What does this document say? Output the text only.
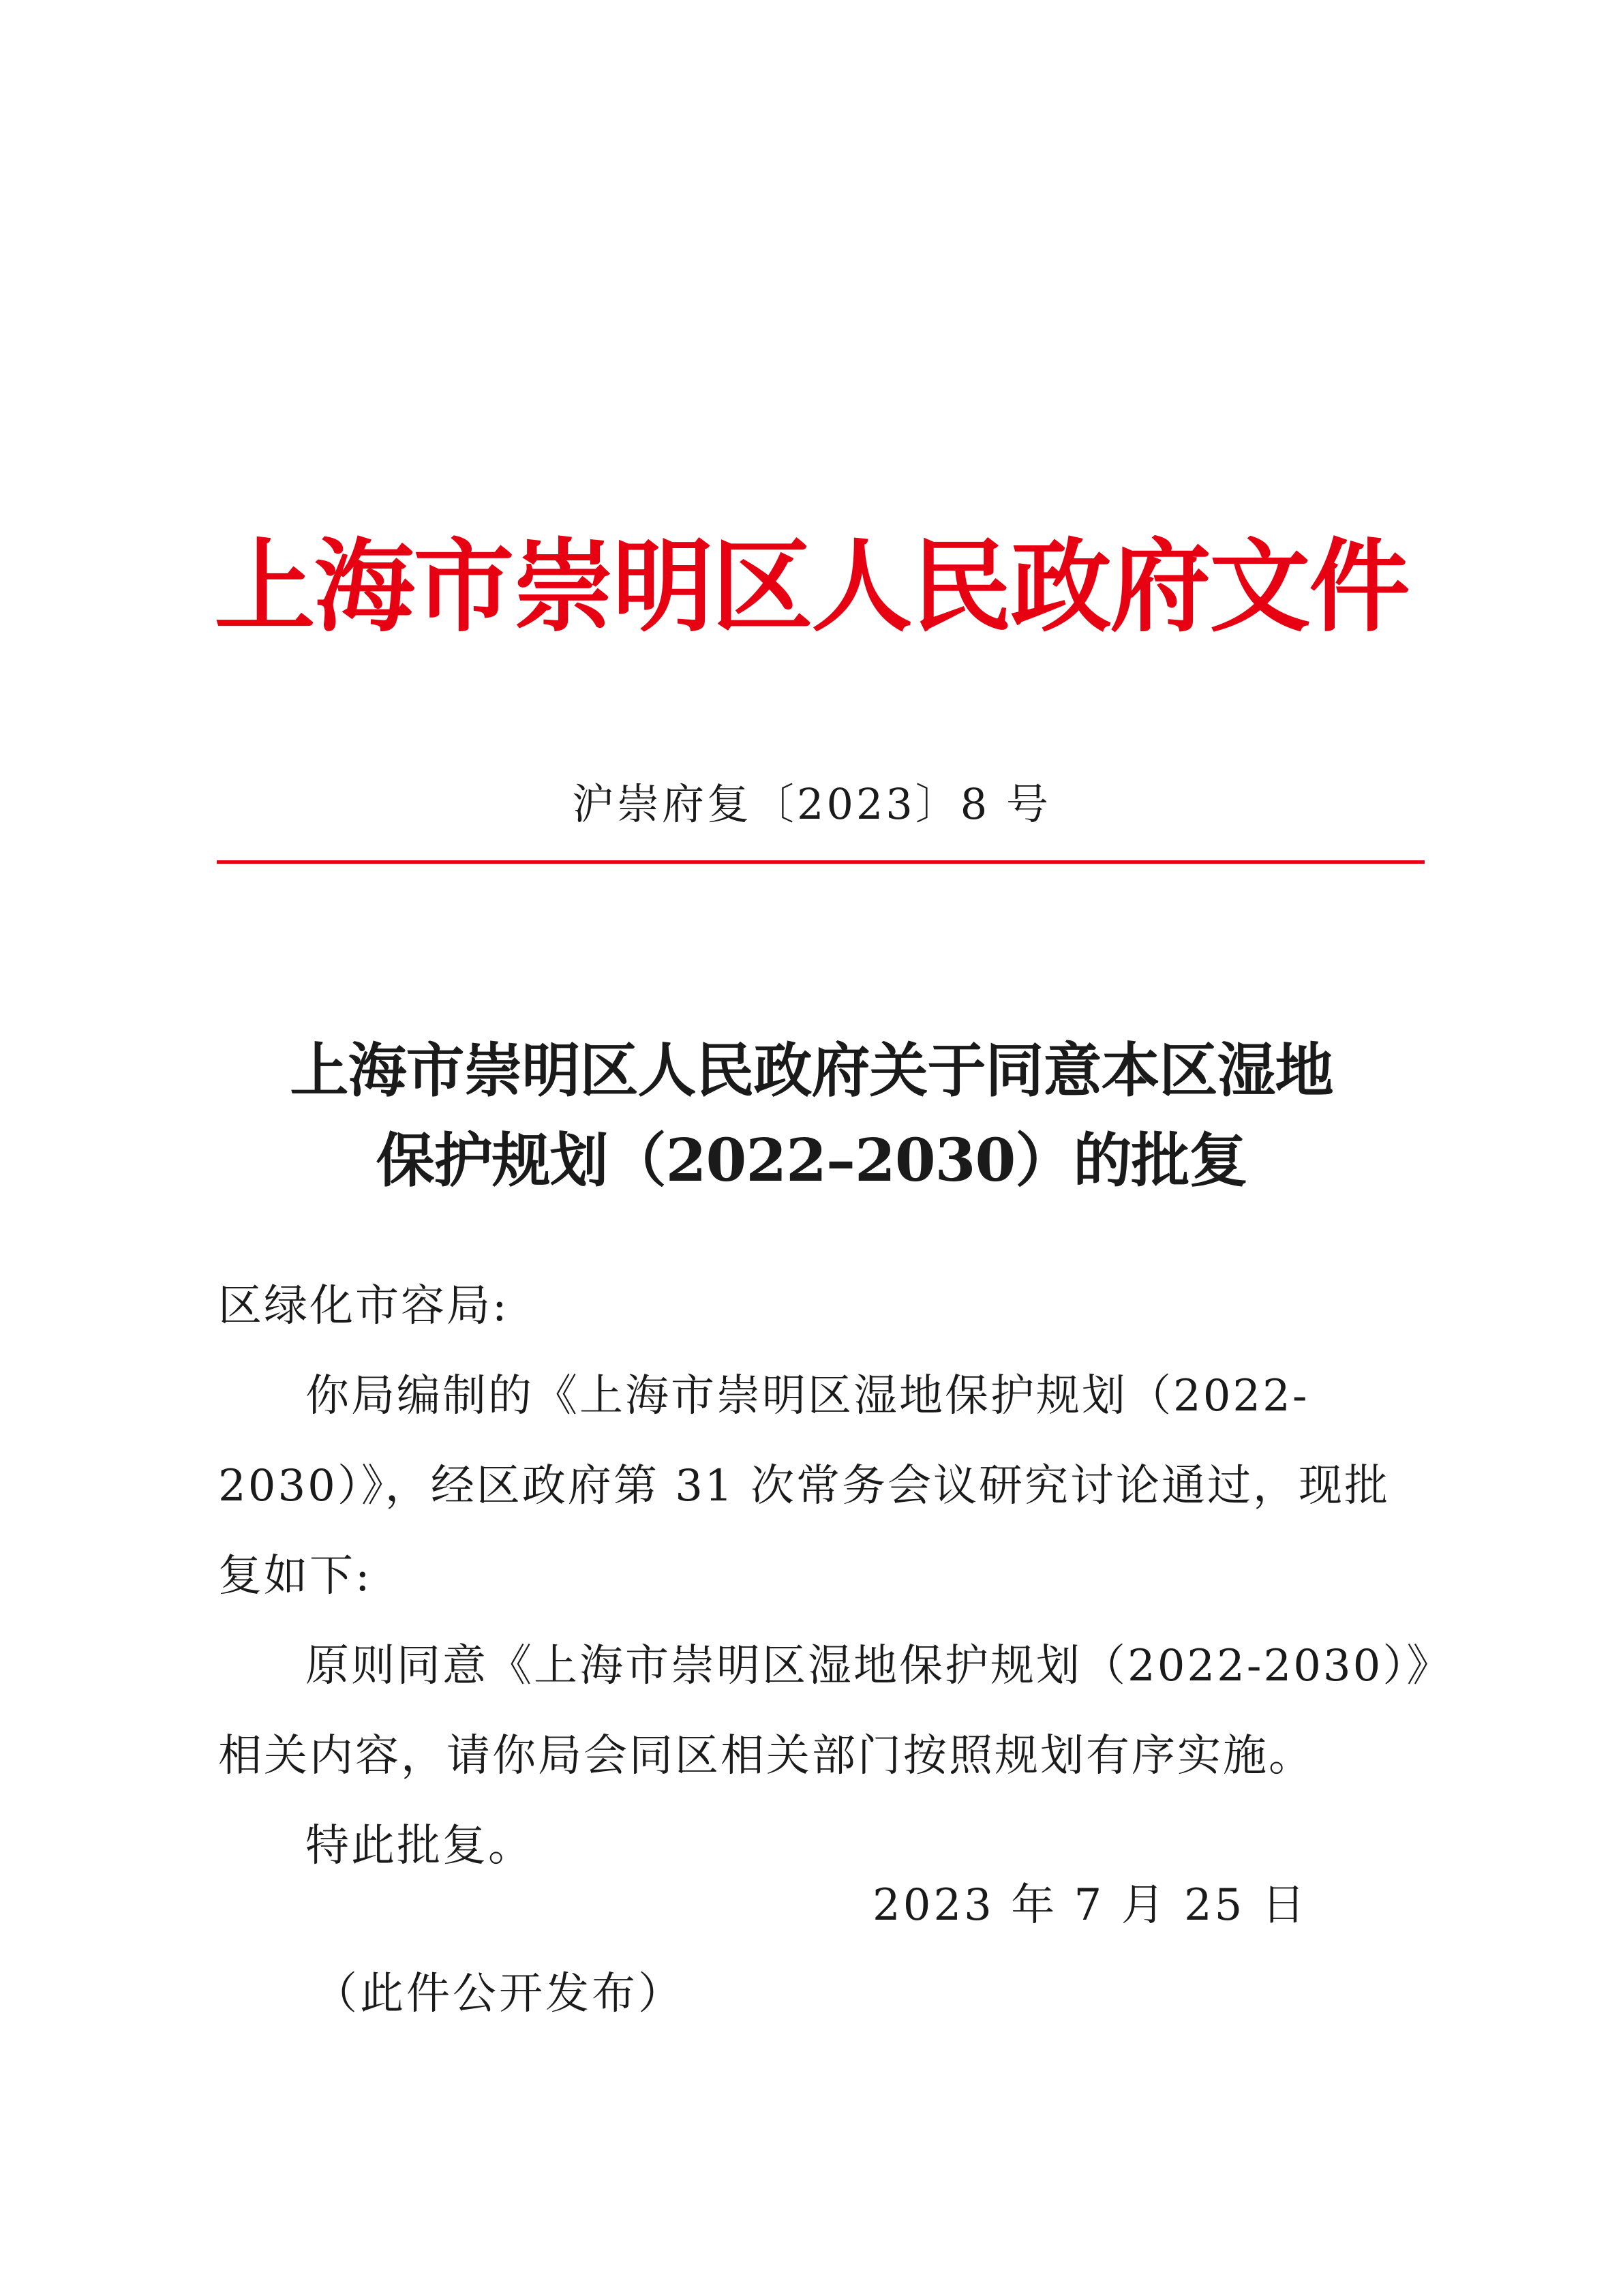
上海市崇明区人民政府文件
沪崇府复〔2023〕8 号
上海市崇明区人民政府关于同意本区湿地
保护规划（2022–2030）的批复

区绿化市容局:

你局编制的《上海市崇明区湿地保护规划（2022-2030）》，经区政府第 31 次常务会议研究讨论通过，现批复如下:

原则同意《上海市崇明区湿地保护规划（2022-2030）》相关内容，请你局会同区相关部门按照规划有序实施。

特此批复。

2023 年 7 月 25 日
（此件公开发布）
